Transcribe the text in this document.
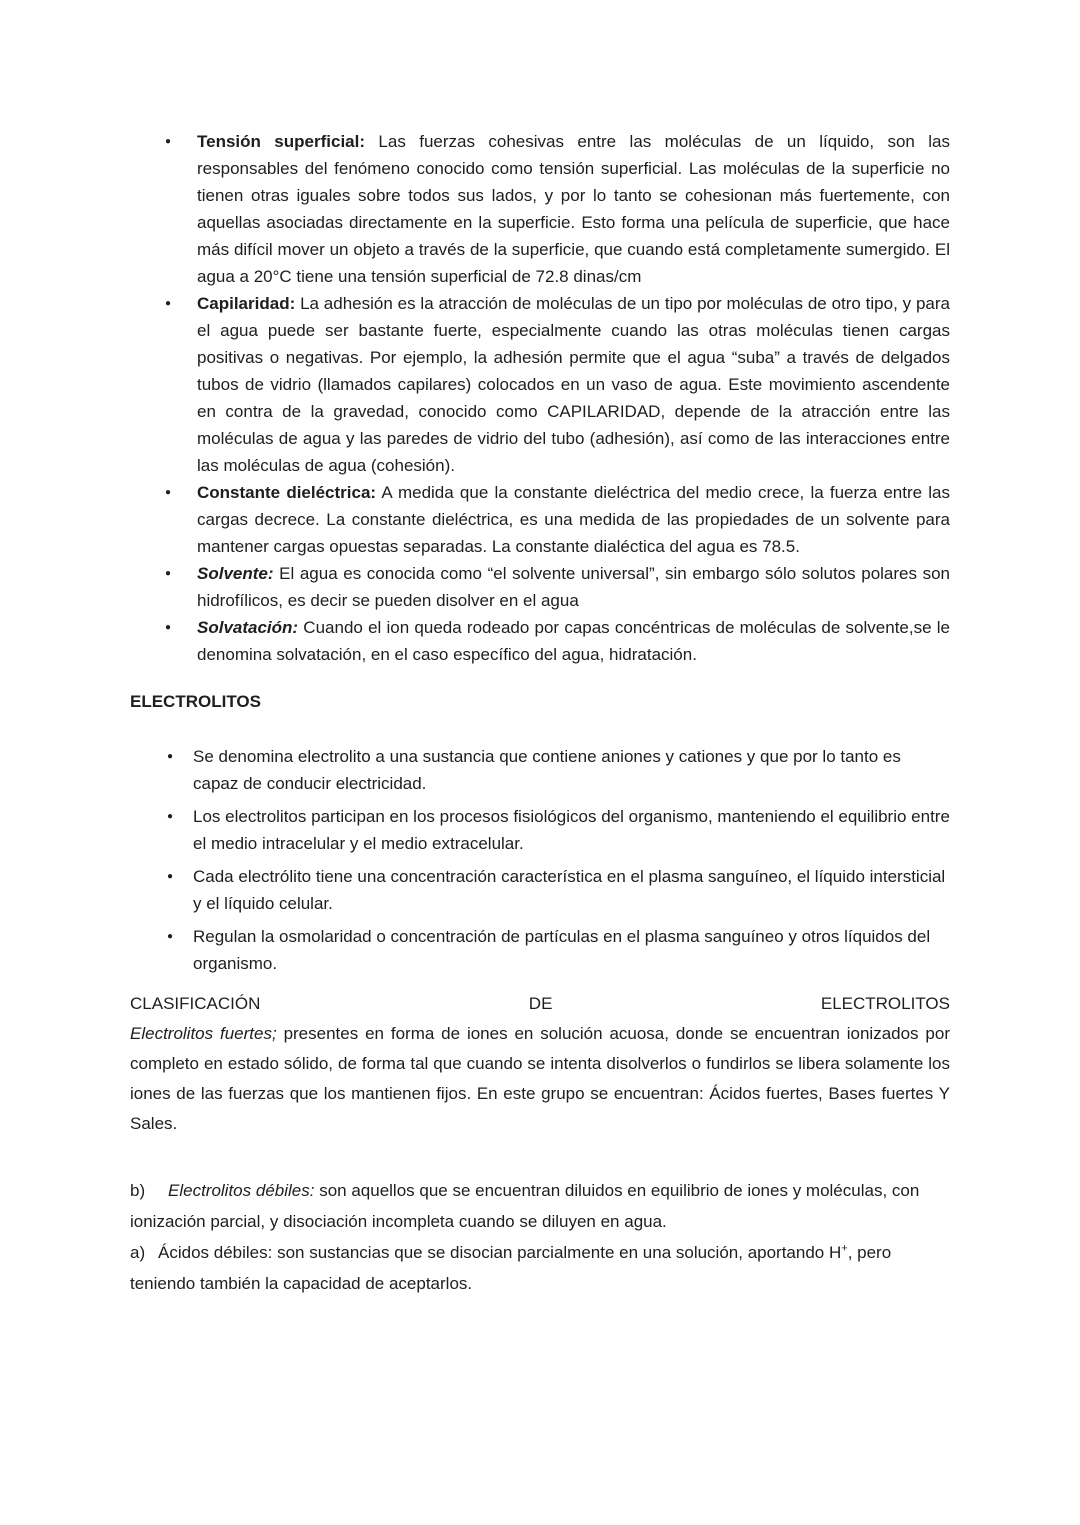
●	Tensión superficial: Las fuerzas cohesivas entre las moléculas de un líquido, son las responsables del fenómeno conocido como tensión superficial. Las moléculas de la superficie no tienen otras iguales sobre todos sus lados, y por lo tanto se cohesionan más fuertemente, con aquellas asociadas directamente en la superficie. Esto forma una película de superficie, que hace más difícil mover un objeto a través de la superficie, que cuando está completamente sumergido. El agua a 20°C tiene una tensión superficial de 72.8 dinas/cm
●	Capilaridad: La adhesión es la atracción de moléculas de un tipo por moléculas de otro tipo, y para el agua puede ser bastante fuerte, especialmente cuando las otras moléculas tienen cargas positivas o negativas. Por ejemplo, la adhesión permite que el agua “suba” a través de delgados tubos de vidrio (llamados capilares) colocados en un vaso de agua. Este movimiento ascendente en contra de la gravedad, conocido como CAPILARIDAD, depende de la atracción entre las moléculas de agua y las paredes de vidrio del tubo (adhesión), así como de las interacciones entre las moléculas de agua (cohesión).
●	Constante dieléctrica: A medida que la constante dieléctrica del medio crece, la fuerza entre las cargas decrece. La constante dieléctrica, es una medida de las propiedades de un solvente para mantener cargas opuestas separadas. La constante dialéctica del agua es 78.5.
●	Solvente: El agua es conocida como “el solvente universal”, sin embargo sólo solutos polares son hidrofílicos, es decir se pueden disolver en el agua
●	Solvatación: Cuando el ion queda rodeado por capas concéntricas de moléculas de solvente,se le denomina solvatación, en el caso específico del agua, hidratación.
ELECTROLITOS
●	Se denomina electrolito a una sustancia que contiene aniones y cationes y que por lo tanto es capaz de conducir electricidad.
●	Los electrolitos participan en los procesos fisiológicos del organismo, manteniendo el equilibrio entre el medio intracelular y el medio extracelular.
●	Cada electrólito tiene una concentración característica en el plasma sanguíneo, el líquido intersticial y el líquido celular.
●	Regulan la osmolaridad o concentración de partículas en el plasma sanguíneo y otros líquidos del organismo.
CLASIFICACIÓN	DE	ELECTROLITOS

Electrolitos fuertes; presentes en forma de iones en solución acuosa, donde se encuentran ionizados por completo en estado sólido, de forma tal que cuando se intenta disolverlos o fundirlos se libera solamente los iones de las fuerzas que los mantienen fijos. En este grupo se encuentran: Ácidos fuertes, Bases fuertes Y Sales.

b) Electrolitos débiles: son aquellos que se encuentran diluidos en equilibrio de iones y moléculas, con ionización parcial, y disociación incompleta cuando se diluyen en agua.

a) Ácidos débiles: son sustancias que se disocian parcialmente en una solución, aportando H+, pero teniendo también la capacidad de aceptarlos.
